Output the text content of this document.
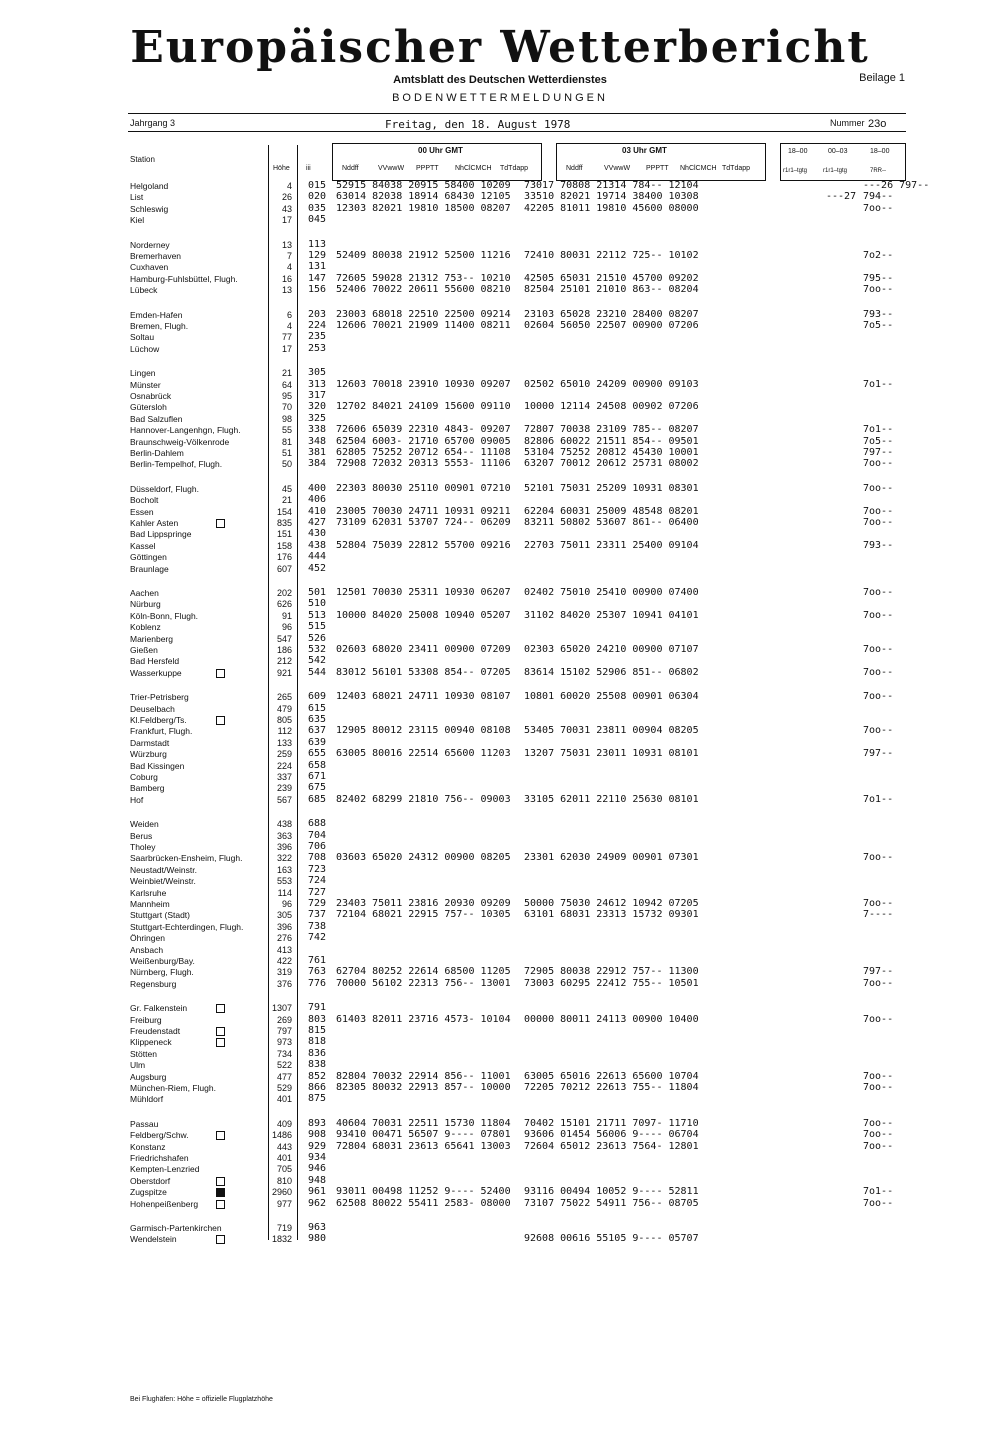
Europäischer Wetterbericht
Amtsblatt des Deutschen Wetterdienstes	Beilage 1
BODENWETTERMELDUNGEN
Jahrgang 3	Freitag, den 18. August 1978	Nummer 23o
Station
Höhe iii
00 Uhr GMT
Nddff	VVwwW PPPTT NhClCMCH TdTdapp
03 Uhr GMT
Nddff	VVwwW PPPTT NhClCMCH TdTdapp
18–00	00–03	18–00
r1r1–tgtg	r1r1–tgtg	7RR--
Helgoland	4 015 52915 84038 20915 58400 10209 73017 70808 21314 784-- 12104	---26 797--
List	26 020 63014 82038 18914 68430 12105 33510 82021 19714 38400 10308	---27 794--
Schleswig	43 035 12303 82021 19810 18500 08207 42205 81011 19810 45600 08000	7oo--
Kiel	17 045
Norderney	13 113
Bremerhaven	7 129 52409 80038 21912 52500 11216 72410 80031 22112 725-- 10102	7o2--
Cuxhaven	4 131
Hamburg-Fuhlsbüttel, Flugh.	16 147 72605 59028 21312 753-- 10210 42505 65031 21510 45700 09202	795--
Lübeck	13 156 52406 70022 20611 55600 08210 82504 25101 21010 863-- 08204	7oo--
Emden-Hafen	6 203 23003 68018 22510 22500 09214 23103 65028 23210 28400 08207	793--
Bremen, Flugh.	4 224 12606 70021 21909 11400 08211 02604 56050 22507 00900 07206	7o5--
Soltau	77 235
Lüchow	17 253
Lingen	21 305
Münster	64 313 12603 70018 23910 10930 09207 02502 65010 24209 00900 09103	7o1--
Osnabrück	95 317
Gütersloh	70 320 12702 84021 24109 15600 09110 10000 12114 24508 00902 07206
Bad Salzuflen	98 325
Hannover-Langenhgn, Flugh.	55 338 72606 65039 22310 4843- 09207 72807 70038 23109 785-- 08207	7o1--
Braunschweig-Völkenrode	81 348 62504 6003- 21710 65700 09005 82806 60022 21511 854-- 09501	7o5--
Berlin-Dahlem	51 381 62805 75252 20712 654-- 11108 53104 75252 20812 45430 10001	797--
Berlin-Tempelhof, Flugh.	50 384 72908 72032 20313 5553- 11106 63207 70012 20612 25731 08002	7oo--
Düsseldorf, Flugh.	45 400 22303 80030 25110 00901 07210 52101 75031 25209 10931 08301	7oo--
Bocholt	21 406
Essen	154 410 23005 70030 24711 10931 09211 62204 60031 25009 48548 08201	7oo--
Kahler Asten	835 427 73109 62031 53707 724-- 06209 83211 50802 53607 861-- 06400	7oo--
Bad Lippspringe	151 430
Kassel	158 438 52804 75039 22812 55700 09216 22703 75011 23311 25400 09104	793--
Göttingen	176 444
Braunlage	607 452
Aachen	202 501 12501 70030 25311 10930 06207 02402 75010 25410 00900 07400	7oo--
Nürburg	626 510
Köln-Bonn, Flugh.	91 513 10000 84020 25008 10940 05207 31102 84020 25307 10941 04101	7oo--
Koblenz	96 515
Marienberg	547 526
Gießen	186 532 02603 68020 23411 00900 07209 02303 65020 24210 00900 07107	7oo--
Bad Hersfeld	212 542
Wasserkuppe	921 544 83012 56101 53308 854-- 07205 83614 15102 52906 851-- 06802	7oo--
Trier-Petrisberg	265 609 12403 68021 24711 10930 08107 10801 60020 25508 00901 06304	7oo--
Deuselbach	479 615
Kl.Feldberg/Ts.	805 635
Frankfurt, Flugh.	112 637 12905 80012 23115 00940 08108 53405 70031 23811 00904 08205	7oo--
Darmstadt	133 639
Würzburg	259 655 63005 80016 22514 65600 11203 13207 75031 23011 10931 08101	797--
Bad Kissingen	224 658
Coburg	337 671
Bamberg	239 675
Hof	567 685 82402 68299 21810 756-- 09003 33105 62011 22110 25630 08101	7o1--
Weiden	438 688
Berus	363 704
Tholey	396 706
Saarbrücken-Ensheim, Flugh.	322 708 03603 65020 24312 00900 08205 23301 62030 24909 00901 07301	7oo--
Neustadt/Weinstr.	163 723
Weinbiet/Weinstr.	553 724
Karlsruhe	114 727
Mannheim	96 729 23403 75011 23816 20930 09209 50000 75030 24612 10942 07205	7oo--
Stuttgart (Stadt)	305 737 72104 68021 22915 757-- 10305 63101 68031 23313 15732 09301	7----
Stuttgart-Echterdingen, Flugh.	396 738
Öhringen	276 742
Ansbach	413
Weißenburg/Bay.	422 761
Nürnberg, Flugh.	319 763 62704 80252 22614 68500 11205 72905 80038 22912 757-- 11300	797--
Regensburg	376 776 70000 56102 22313 756-- 13001 73003 60295 22412 755-- 10501	7oo--
Gr. Falkenstein	1307 791
Freiburg	269 803 61403 82011 23716 4573- 10104 00000 80011 24113 00900 10400	7oo--
Freudenstadt	797 815
Klippeneck	973 818
Stötten	734 836
Ulm	522 838
Augsburg	477 852 82804 70032 22914 856-- 11001 63005 65016 22613 65600 10704	7oo--
München-Riem, Flugh.	529 866 82305 80032 22913 857-- 10000 72205 70212 22613 755-- 11804	7oo--
Mühldorf	401 875
Passau	409 893 40604 70031 22511 15730 11804 70402 15101 21711 7097- 11710	7oo--
Feldberg/Schw.	1486 908 93410 00471 56507 9---- 07801 93606 01454 56006 9---- 06704	7oo--
Konstanz	443 929 72804 68031 23613 65641 13003 72604 65012 23613 7564- 12801	7oo--
Friedrichshafen	401 934
Kempten-Lenzried	705 946
Oberstdorf	810 948
Zugspitze	2960 961 93011 00498 11252 9---- 52400 93116 00494 10052 9---- 52811	7o1--
Hohenpeißenberg	977 962 62508 80022 55411 2583- 08000 73107 75022 54911 756-- 08705	7oo--
Garmisch-Partenkirchen	719 963
Wendelstein	1832 980	92608 00616 55105 9---- 05707
Bei Flughäfen: Höhe = offizielle Flugplatzhöhe
